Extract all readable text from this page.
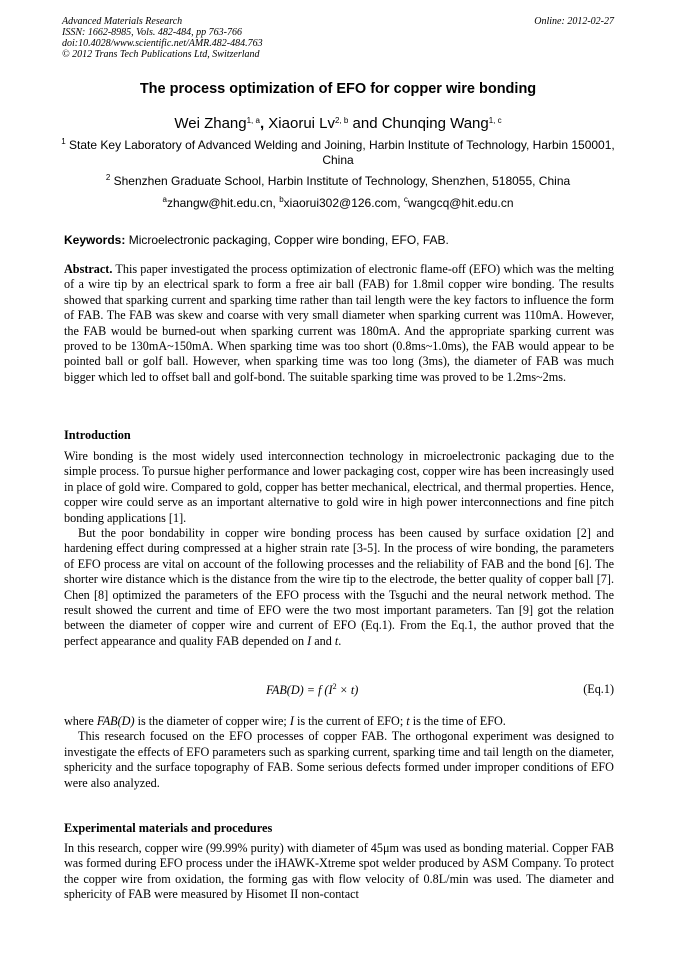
Advanced Materials Research
ISSN: 1662-8985, Vols. 482-484, pp 763-766
doi:10.4028/www.scientific.net/AMR.482-484.763
© 2012 Trans Tech Publications Ltd, Switzerland
Online: 2012-02-27
The process optimization of EFO for copper wire bonding
Wei Zhang$^{1, a}$, Xiaorui Lv$^{2, b}$ and Chunqing Wang$^{1, c}$
$^1$ State Key Laboratory of Advanced Welding and Joining, Harbin Institute of Technology, Harbin 150001, China
$^2$ Shenzhen Graduate School, Harbin Institute of Technology, Shenzhen, 518055, China
$^a$zhangw@hit.edu.cn, $^b$xiaorui302@126.com, $^c$wangcq@hit.edu.cn
Keywords: Microelectronic packaging, Copper wire bonding, EFO, FAB.
Abstract. This paper investigated the process optimization of electronic flame-off (EFO) which was the melting of a wire tip by an electrical spark to form a free air ball (FAB) for 1.8mil copper wire bonding. The results showed that sparking current and sparking time rather than tail length were the key factors to influence the form of FAB. The FAB was skew and coarse with very small diameter when sparking current was 110mA. However, the FAB would be burned-out when sparking current was 180mA. And the appropriate sparking current was proved to be 130mA~150mA. When sparking time was too short (0.8ms~1.0ms), the FAB would appear to be pointed ball or golf ball. However, when sparking time was too long (3ms), the diameter of FAB was much bigger which led to offset ball and golf-bond. The suitable sparking time was proved to be 1.2ms~2ms.
Introduction

Wire bonding is the most widely used interconnection technology in microelectronic packaging due to the simple process. To pursue higher performance and lower packaging cost, copper wire has been increasingly used in place of gold wire. Compared to gold, copper has better mechanical, electrical, and thermal properties. Hence, copper wire could serve as an important alternative to gold wire in high power interconnections and fine pitch bonding applications [1].

But the poor bondability in copper wire bonding process has been caused by surface oxidation [2] and hardening effect during compressed at a higher strain rate [3-5]. In the process of wire bonding, the parameters of EFO process are vital on account of the following processes and the reliability of FAB and the bond [6]. The shorter wire distance which is the distance from the wire tip to the electrode, the better quality of copper ball [7]. Chen [8] optimized the parameters of the EFO process with the Tsguchi and the neural network method. The result showed the current and time of EFO were the two most important parameters. Tan [9] got the relation between the diameter of copper wire and current of EFO (Eq.1). From the Eq.1, the author proved that the perfect appearance and quality FAB depended on I and t.

FAB(D) = f $(I^2 \times t)$	(Eq.1)

where FAB(D) is the diameter of copper wire; I is the current of EFO; t is the time of EFO.

This research focused on the EFO processes of copper FAB. The orthogonal experiment was designed to investigate the effects of EFO parameters such as sparking current, sparking time and tail length on the diameter, sphericity and the surface topography of FAB. Some serious defects formed under improper conditions of EFO were also analyzed.

Experimental materials and procedures

In this research, copper wire (99.99% purity) with diameter of 45μm was used as bonding material. Copper FAB was formed during EFO process under the iHAWK-Xtreme spot welder produced by ASM Company. To protect the copper wire from oxidation, the forming gas with flow velocity of 0.8L/min was used. The diameter and sphericity of FAB were measured by Hisomet II non-contact
